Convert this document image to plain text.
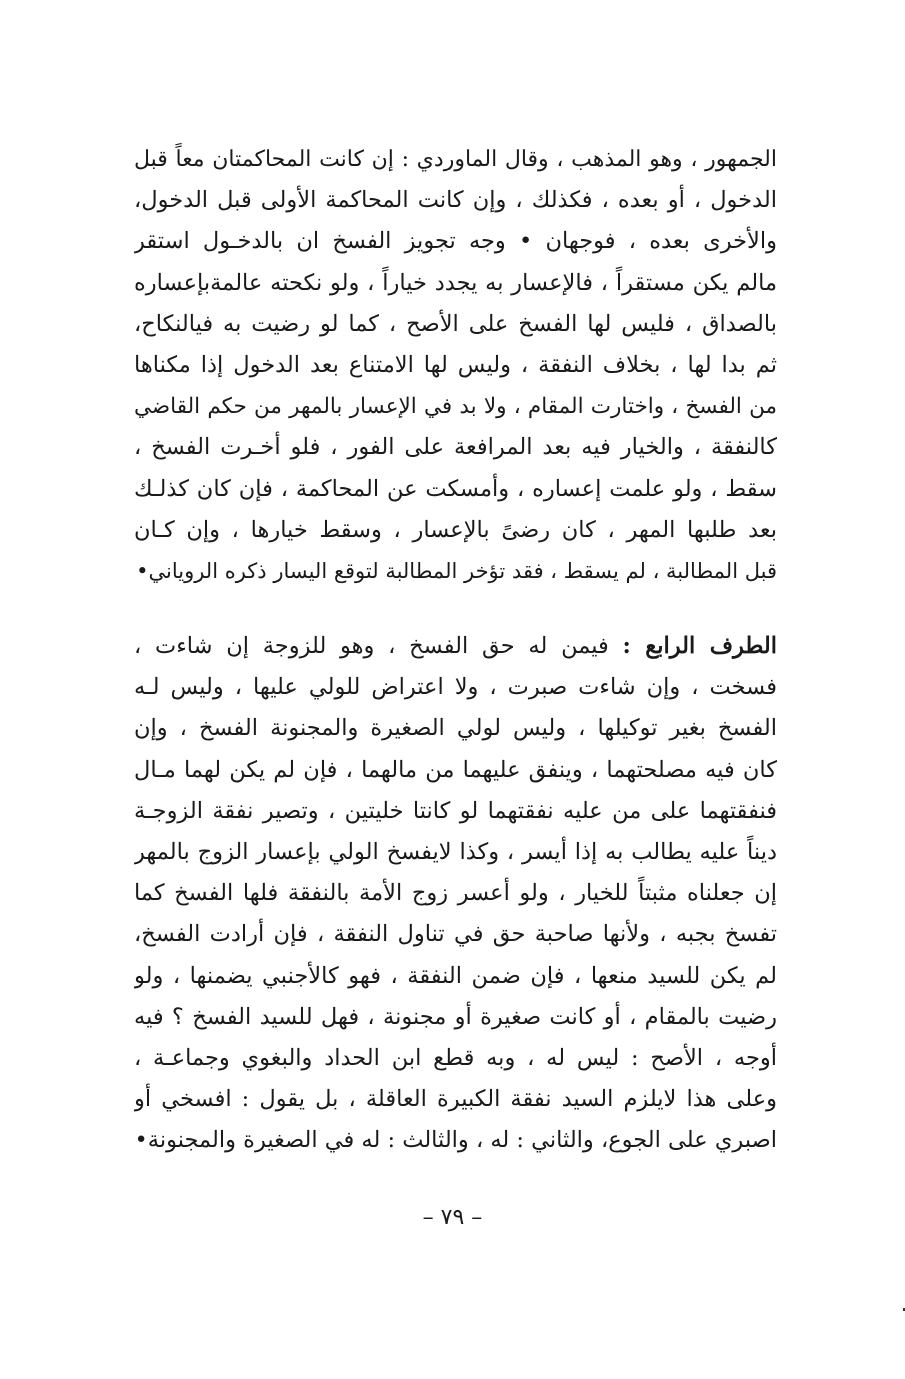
الجمهور ، وهو المذهب ، وقال الماوردي : إن كانت المحاكمتان معاً قبل
الدخول ، أو بعده ، فكذلك ، وإن كانت المحاكمة الأولى قبل الدخول،
والأخرى بعده ، فوجهان • وجه تجويز الفسخ ان بالدخـول استقر
مالم يكن مستقراً ، فالإعسار به يجدد خياراً ، ولو نكحته عالمةبإعساره
بالصداق ، فليس لها الفسخ على الأصح ، كما لو رضيت به فيالنكاح،
ثم بدا لها ، بخلاف النفقة ، وليس لها الامتناع بعد الدخول إذا مكناها
من الفسخ ، واختارت المقام ، ولا بد في الإعسار بالمهر من حكم القاضي
كالنفقة ، والخيار فيه بعد المرافعة على الفور ، فلو أخـرت الفسخ ،
سقط ، ولو علمت إعساره ، وأمسكت عن المحاكمة ، فإن كان كذلـك
بعد طلبها المهر ، كان رضىً بالإعسار ، وسقط خيارها ، وإن كـان
قبل المطالبة ، لم يسقط ، فقد تؤخر المطالبة لتوقع اليسار ذكره الروياني•
الطرف الرابع : فيمن له حق الفسخ ، وهو للزوجة إن شاءت ،
فسخت ، وإن شاءت صبرت ، ولا اعتراض للولي عليها ، وليس لـه
الفسخ بغير توكيلها ، وليس لولي الصغيرة والمجنونة الفسخ ، وإن
كان فيه مصلحتهما ، وينفق عليهما من مالهما ، فإن لم يكن لهما مـال
فنفقتهما على من عليه نفقتهما لو كانتا خليتين ، وتصير نفقة الزوجـة
ديناً عليه يطالب به إذا أيسر ، وكذا لايفسخ الولي بإعسار الزوج بالمهر
إن جعلناه مثبتاً للخيار ، ولو أعسر زوج الأمة بالنفقة فلها الفسخ كما
تفسخ بجبه ، ولأنها صاحبة حق في تناول النفقة ، فإن أرادت الفسخ،
لم يكن للسيد منعها ، فإن ضمن النفقة ، فهو كالأجنبي يضمنها ، ولو
رضيت بالمقام ، أو كانت صغيرة أو مجنونة ، فهل للسيد الفسخ ؟ فيه
أوجه ، الأصح : ليس له ، وبه قطع ابن الحداد والبغوي وجماعـة ،
وعلى هذا لايلزم السيد نفقة الكبيرة العاقلة ، بل يقول : افسخي أو
اصبري على الجوع، والثاني : له ، والثالث : له في الصغيرة والمجنونة•
– ٧٩ –
